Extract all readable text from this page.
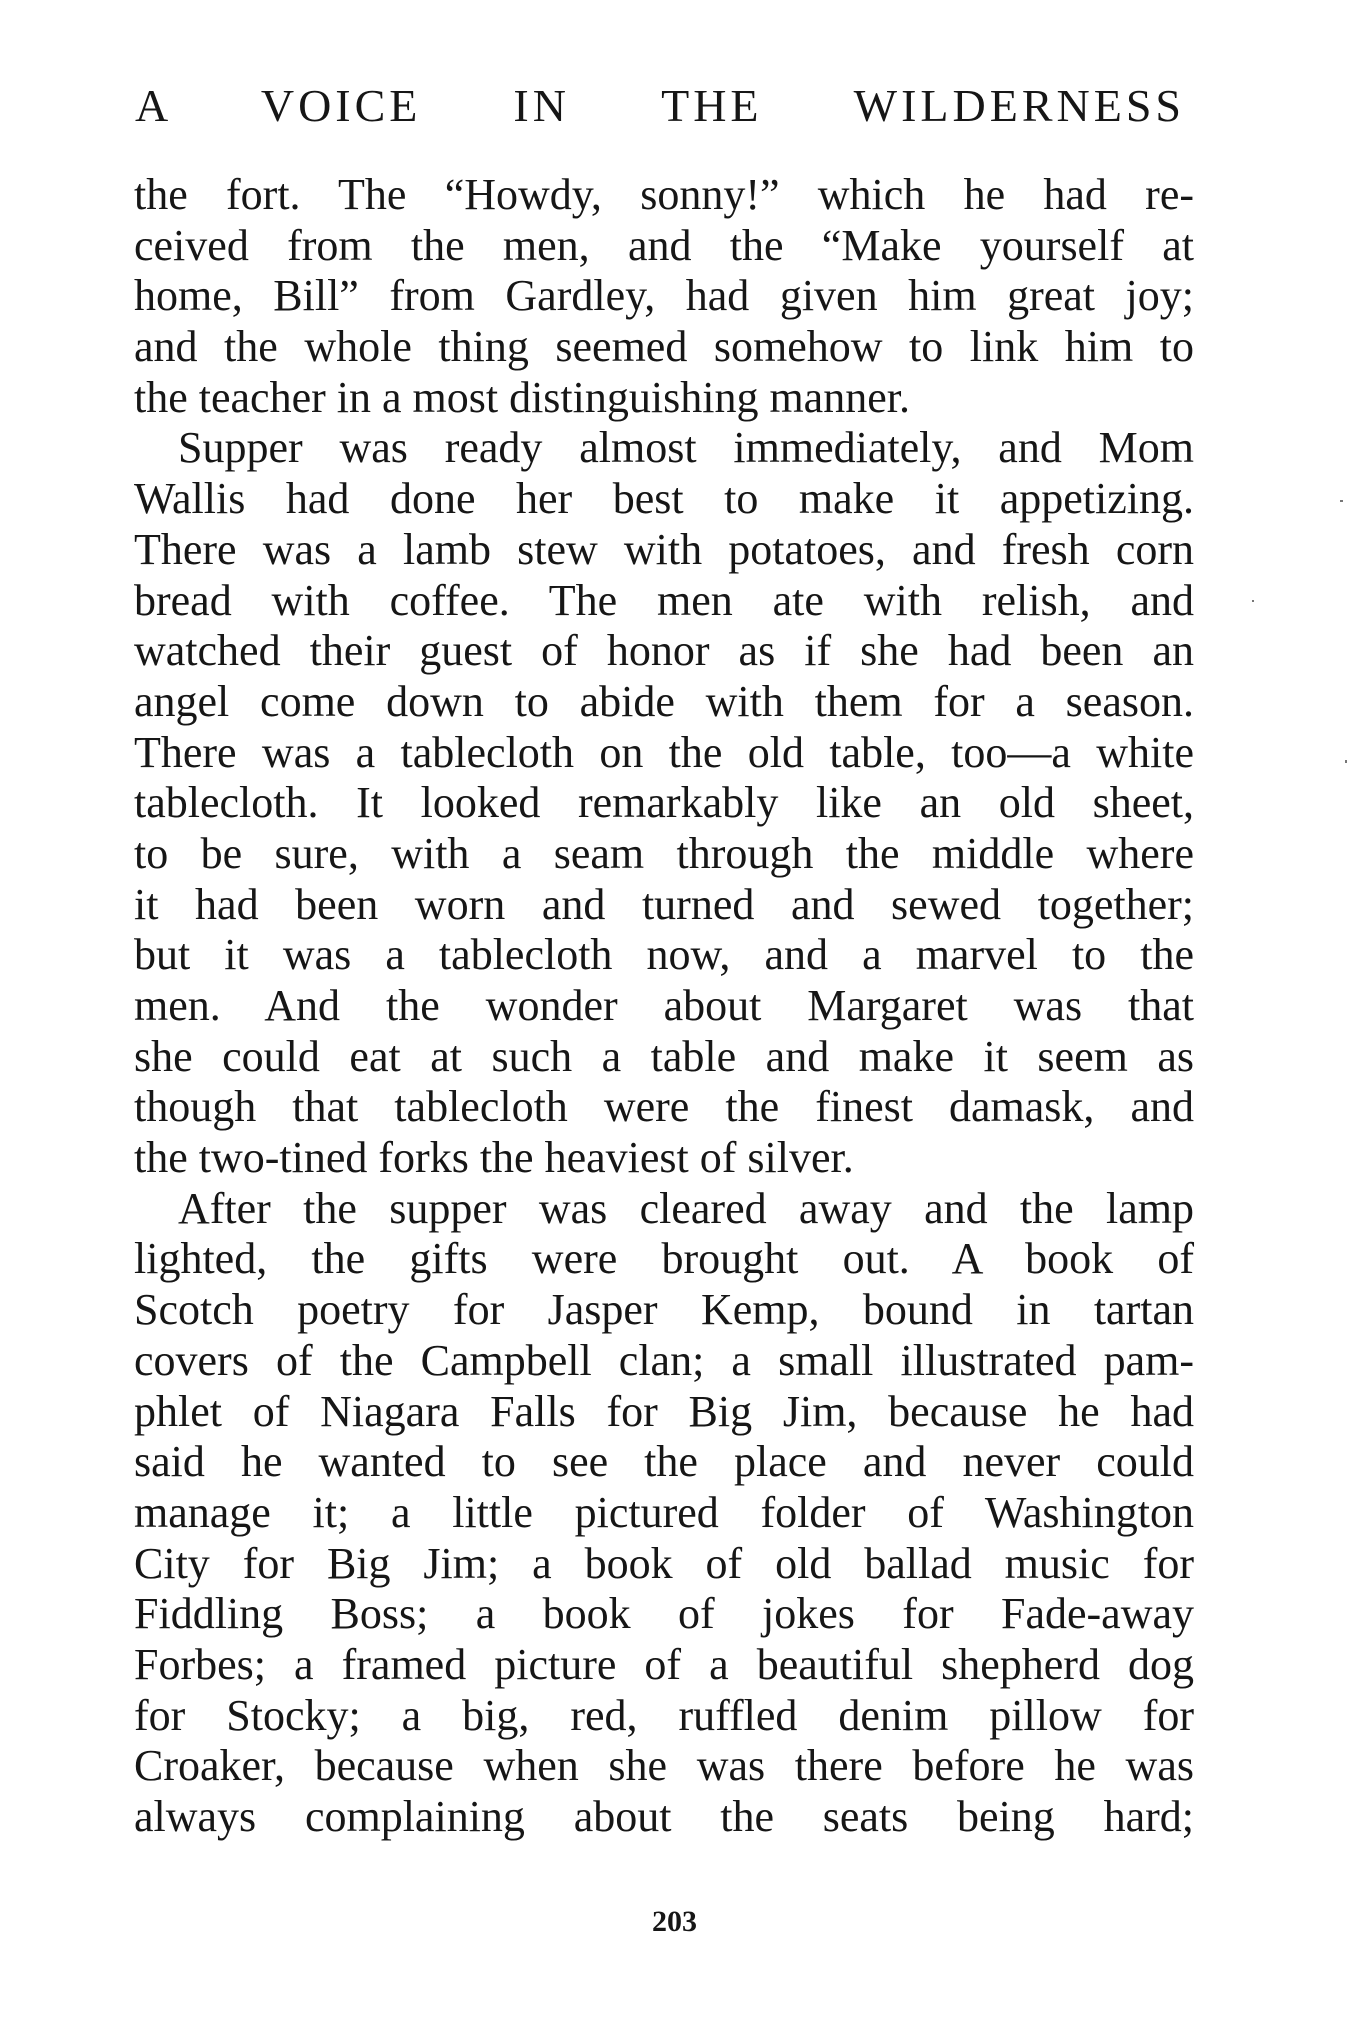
A VOICE IN THE WILDERNESS
the fort. The “Howdy, sonny!” which he had re-
ceived from the men, and the “Make yourself at
home, Bill” from Gardley, had given him great joy;
and the whole thing seemed somehow to link him to
the teacher in a most distinguishing manner.
Supper was ready almost immediately, and Mom
Wallis had done her best to make it appetizing.
There was a lamb stew with potatoes, and fresh corn
bread with coffee. The men ate with relish, and
watched their guest of honor as if she had been an
angel come down to abide with them for a season.
There was a tablecloth on the old table, too—a white
tablecloth. It looked remarkably like an old sheet,
to be sure, with a seam through the middle where
it had been worn and turned and sewed together;
but it was a tablecloth now, and a marvel to the
men. And the wonder about Margaret was that
she could eat at such a table and make it seem as
though that tablecloth were the finest damask, and
the two-tined forks the heaviest of silver.
After the supper was cleared away and the lamp
lighted, the gifts were brought out. A book of
Scotch poetry for Jasper Kemp, bound in tartan
covers of the Campbell clan; a small illustrated pam-
phlet of Niagara Falls for Big Jim, because he had
said he wanted to see the place and never could
manage it; a little pictured folder of Washington
City for Big Jim; a book of old ballad music for
Fiddling Boss; a book of jokes for Fade-away
Forbes; a framed picture of a beautiful shepherd dog
for Stocky; a big, red, ruffled denim pillow for
Croaker, because when she was there before he was
always complaining about the seats being hard;
203
